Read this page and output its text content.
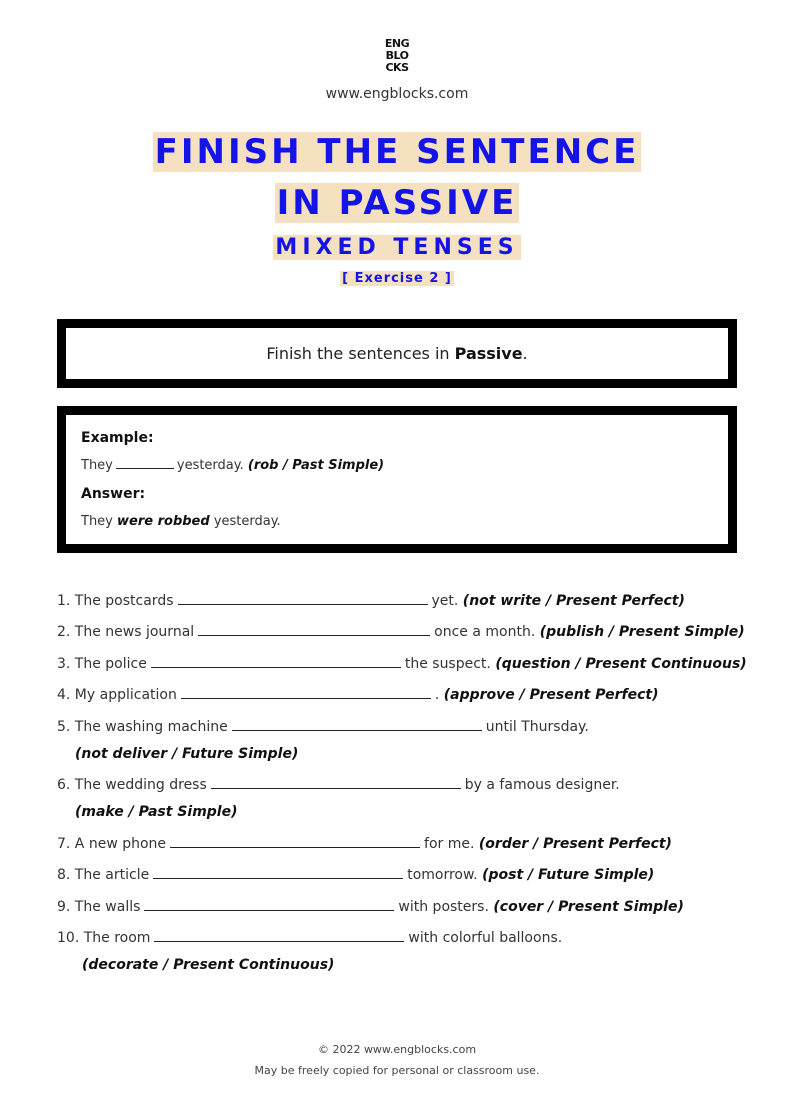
ENG
BLO
CKS
www.engblocks.com
FINISH THE SENTENCE
IN PASSIVE
MIXED TENSES
[ Exercise 2 ]
Finish the sentences in Passive.
Example:
They	yesterday. (rob / Past Simple)
Answer:
They were robbed yesterday.
1. The postcards	yet. (not write / Present Perfect)
2. The news journal	once a month. (publish / Present Simple)
3. The police	the suspect. (question / Present Continuous)
4. My application	. (approve / Present Perfect)
5. The washing machine	until Thursday.
(not deliver / Future Simple)
6. The wedding dress	by a famous designer.
(make / Past Simple)
7. A new phone	for me. (order / Present Perfect)
8. The article	tomorrow. (post / Future Simple)
9. The walls	with posters. (cover / Present Simple)
10. The room	with colorful balloons.
(decorate / Present Continuous)
© 2022 www.engblocks.com
May be freely copied for personal or classroom use.
